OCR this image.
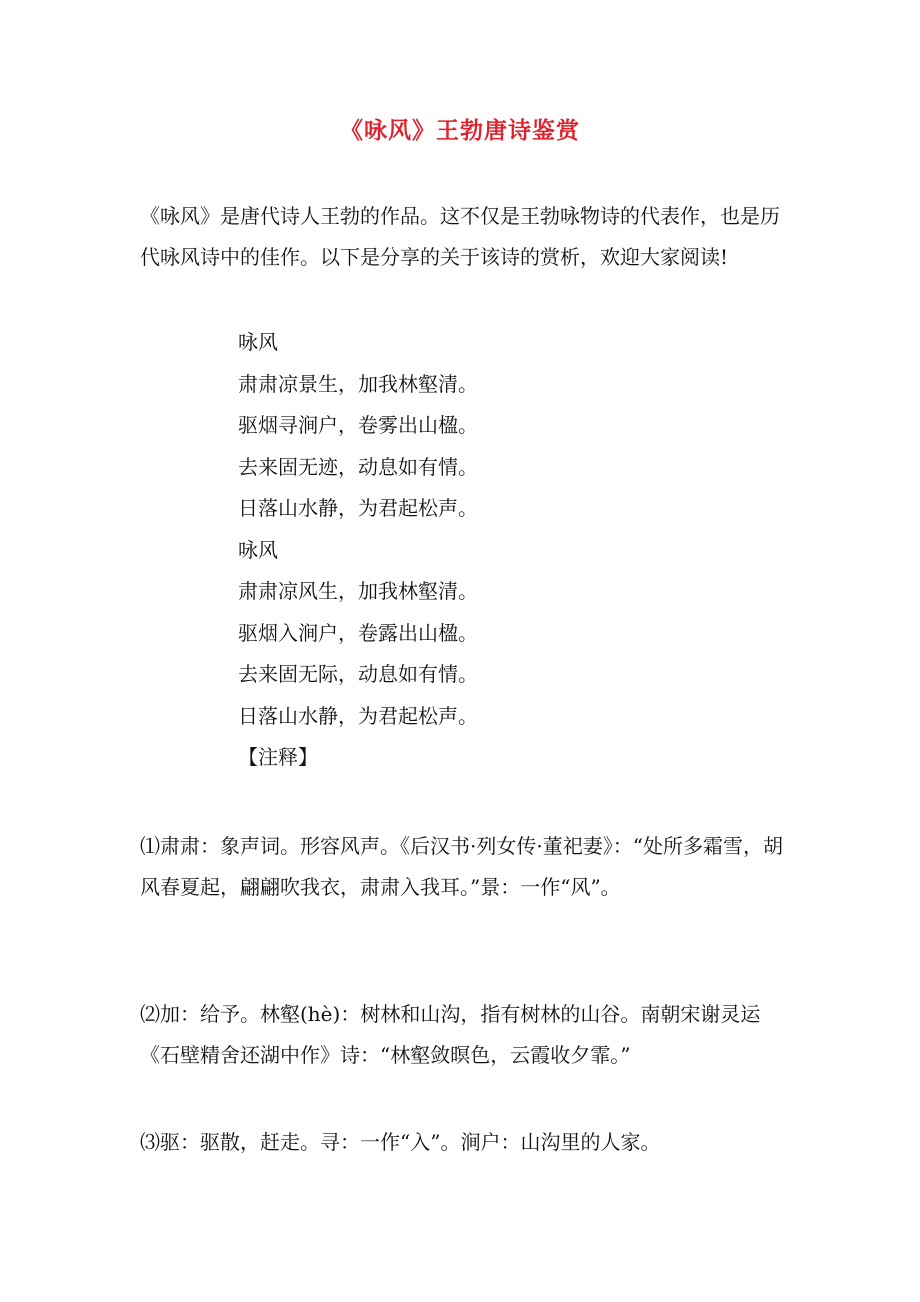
《咏风》王勃唐诗鉴赏
《咏风》是唐代诗人王勃的作品。这不仅是王勃咏物诗的代表作，也是历代咏风诗中的佳作。以下是分享的关于该诗的赏析，欢迎大家阅读!
咏风
肃肃凉景生，加我林壑清。
驱烟寻涧户，卷雾出山楹。
去来固无迹，动息如有情。
日落山水静，为君起松声。
咏风
肃肃凉风生，加我林壑清。
驱烟入涧户，卷露出山楹。
去来固无际，动息如有情。
日落山水静，为君起松声。
【注释】
⑴肃肃：象声词。形容风声。《后汉书·列女传·董祀妻》：“处所多霜雪，胡风春夏起，翩翩吹我衣，肃肃入我耳。”景：一作“风”。
⑵加：给予。林壑(hè)：树林和山沟，指有树林的山谷。南朝宋谢灵运《石壁精舍还湖中作》诗：“林壑敛暝色，云霞收夕霏。”
⑶驱：驱散，赶走。寻：一作“入”。涧户：山沟里的人家。
